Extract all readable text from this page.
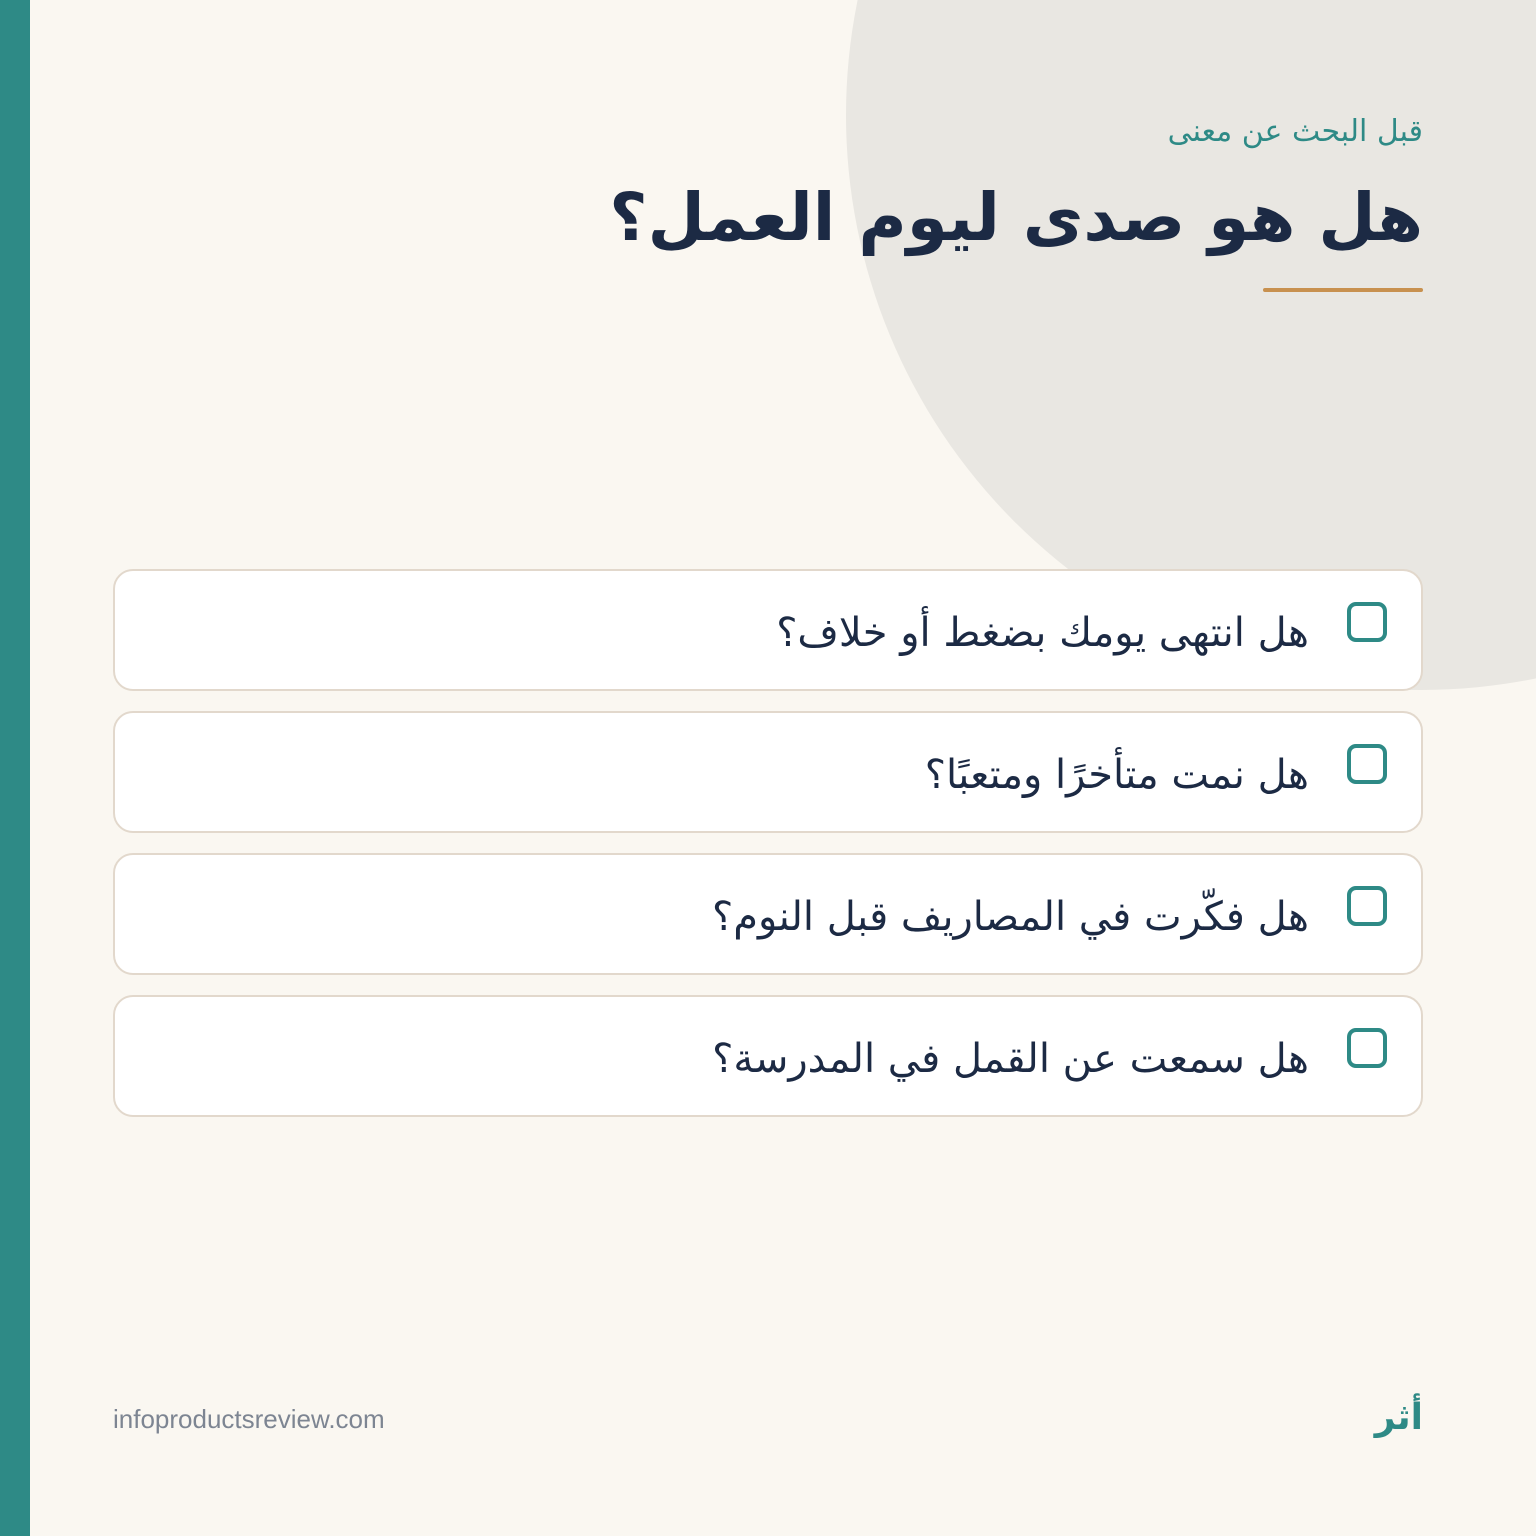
قبل البحث عن معنى

هل هو صدى ليوم العمل؟
هل انتهى يومك بضغط أو خلاف؟
هل نمت متأخرًا ومتعبًا؟
هل فكّرت في المصاريف قبل النوم؟
هل سمعت عن القمل في المدرسة؟
infoproductsreview.com	أثر
